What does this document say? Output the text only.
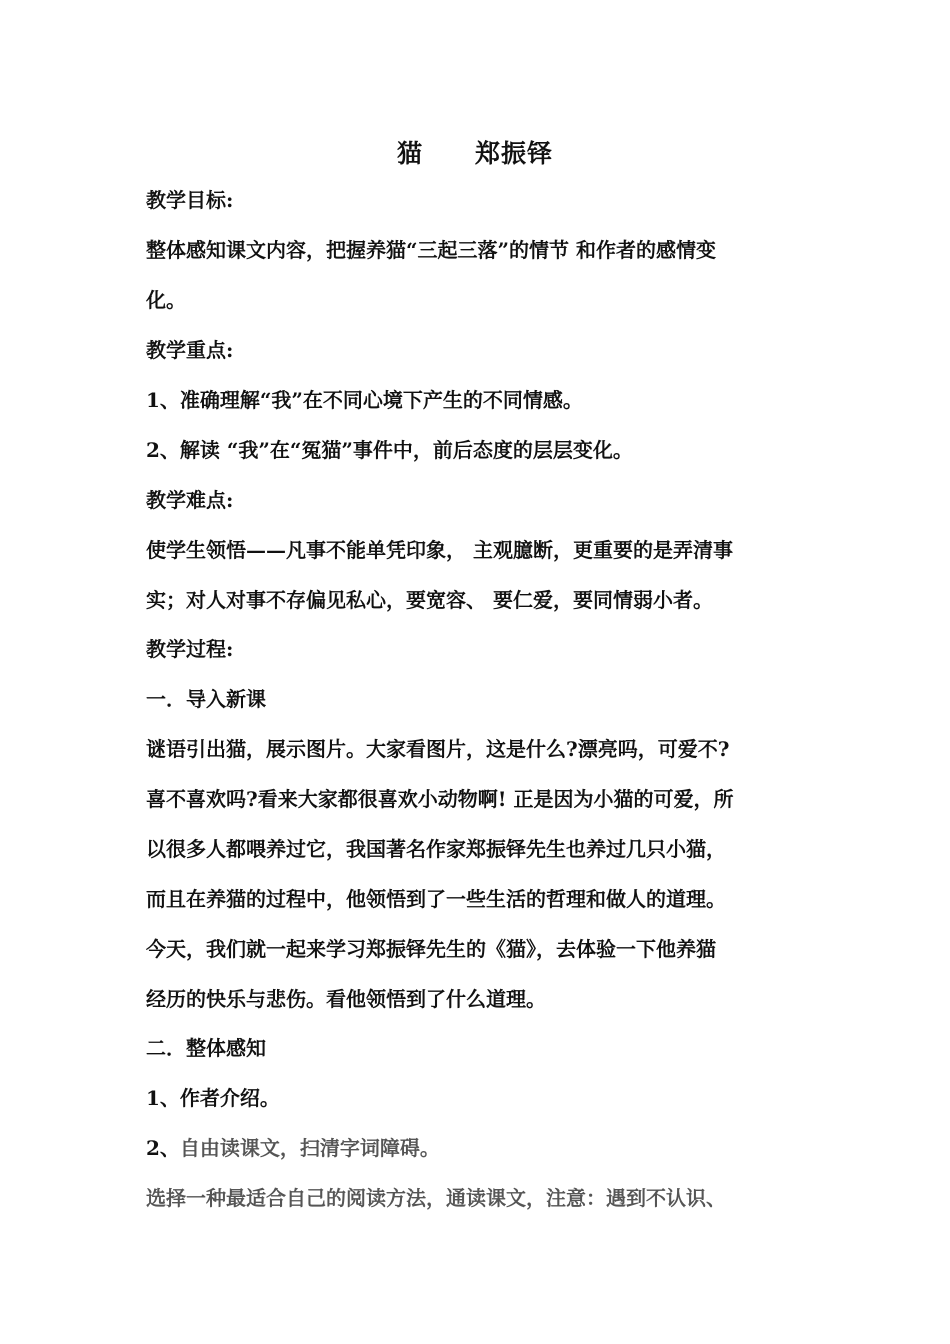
猫 郑振铎
教学目标:
整体感知课文内容，把握养猫“三起三落”的情节 和作者的感情变
化。
教学重点:
1、准确理解“我”在不同心境下产生的不同情感。
2、解读 “我”在“冤猫”事件中，前后态度的层层变化。
教学难点:
使学生领悟——凡事不能单凭印象， 主观臆断，更重要的是弄清事
实；对人对事不存偏见私心，要宽容、 要仁爱，要同情弱小者。
教学过程:
一．导入新课
谜语引出猫，展示图片。大家看图片，这是什么?漂亮吗，可爱不?
喜不喜欢吗?看来大家都很喜欢小动物啊! 正是因为小猫的可爱，所
以很多人都喂养过它，我国著名作家郑振铎先生也养过几只小猫，
而且在养猫的过程中，他领悟到了一些生活的哲理和做人的道理。
今天，我们就一起来学习郑振铎先生的《猫》，去体验一下他养猫
经历的快乐与悲伤。看他领悟到了什么道理。
二．整体感知
1、作者介绍。
2、自由读课文，扫清字词障碍。
选择一种最适合自己的阅读方法，通读课文，注意：遇到不认识、
